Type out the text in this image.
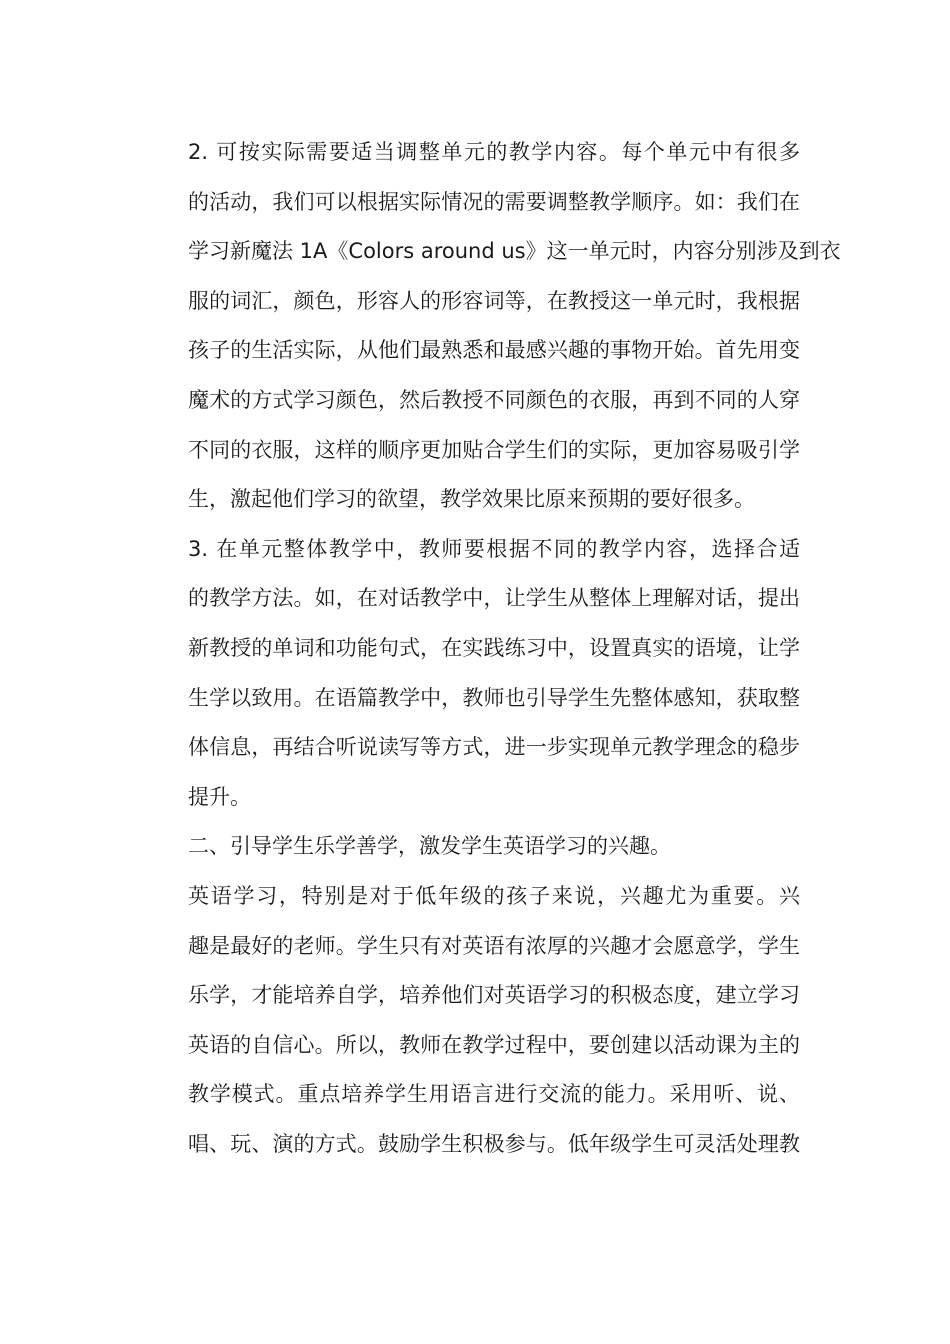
2. 可按实际需要适当调整单元的教学内容。每个单元中有很多
的活动，我们可以根据实际情况的需要调整教学顺序。如：我们在
学习新魔法 1A《Colors around us》这一单元时，内容分别涉及到衣
服的词汇，颜色，形容人的形容词等，在教授这一单元时，我根据
孩子的生活实际，从他们最熟悉和最感兴趣的事物开始。首先用变
魔术的方式学习颜色，然后教授不同颜色的衣服，再到不同的人穿
不同的衣服，这样的顺序更加贴合学生们的实际，更加容易吸引学
生，激起他们学习的欲望，教学效果比原来预期的要好很多。

3. 在单元整体教学中，教师要根据不同的教学内容，选择合适
的教学方法。如，在对话教学中，让学生从整体上理解对话，提出
新教授的单词和功能句式，在实践练习中，设置真实的语境，让学
生学以致用。在语篇教学中，教师也引导学生先整体感知，获取整
体信息，再结合听说读写等方式，进一步实现单元教学理念的稳步
提升。

二、引导学生乐学善学，激发学生英语学习的兴趣。

英语学习，特别是对于低年级的孩子来说，兴趣尤为重要。兴
趣是最好的老师。学生只有对英语有浓厚的兴趣才会愿意学，学生
乐学，才能培养自学，培养他们对英语学习的积极态度，建立学习
英语的自信心。所以，教师在教学过程中，要创建以活动课为主的
教学模式。重点培养学生用语言进行交流的能力。采用听、说、
唱、玩、演的方式。鼓励学生积极参与。低年级学生可灵活处理教
